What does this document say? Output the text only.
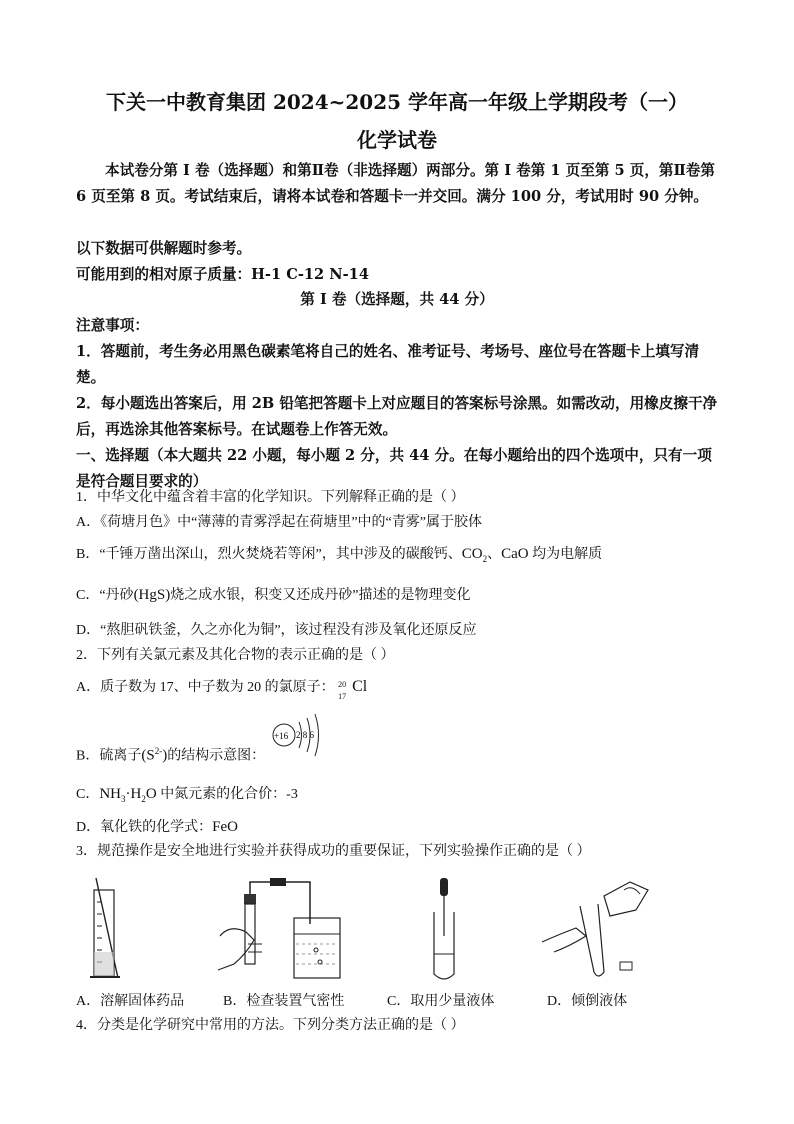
下关一中教育集团 2024~2025 学年高一年级上学期段考（一）
化学试卷
本试卷分第 I 卷（选择题）和第Ⅱ卷（非选择题）两部分。第 I 卷第 1 页至第 5 页，第Ⅱ卷第 6 页至第 8 页。考试结束后，请将本试卷和答题卡一并交回。满分 100 分，考试用时 90 分钟。
以下数据可供解题时参考。
可能用到的相对原子质量：H-1 C-12 N-14
第 I 卷（选择题，共 44 分）
注意事项：
1．答题前，考生务必用黑色碳素笔将自己的姓名、准考证号、考场号、座位号在答题卡上填写清楚。
2．每小题选出答案后，用 2B 铅笔把答题卡上对应题目的答案标号涂黑。如需改动，用橡皮擦干净后，再选涂其他答案标号。在试题卷上作答无效。
一、选择题（本大题共 22 小题，每小题 2 分，共 44 分。在每小题给出的四个选项中，只有一项是符合题目要求的）
1．中华文化中蕴含着丰富的化学知识。下列解释正确的是（ ）
A．《荷塘月色》中“薄薄的青雾浮起在荷塘里”中的“青雾”属于胶体
B．“千锤万凿出深山，烈火焚烧若等闲”，其中涉及的碳酸钙、$CO_2$、CaO 均为电解质
C．“丹砂(HgS)烧之成水银，积变又还成丹砂”描述的是物理变化
D．“熬胆矾铁釜，久之亦化为铜”，该过程没有涉及氧化还原反应
2．下列有关氯元素及其化合物的表示正确的是（ ）
A．质子数为 17、中子数为 20 的氯原子： 20
17
Cl
B．硫离子$(S^{2-})$的结构示意图：
+16 2 8 6
C．$NH_3\cdot H_2O$ 中氮元素的化合价：-3
D．氧化铁的化学式：FeO
3．规范操作是安全地进行实验并获得成功的重要保证，下列实验操作正确的是（ ）
A．溶解固体药品	B．检查装置气密性	C．取用少量液体	D．倾倒液体
4．分类是化学研究中常用的方法。下列分类方法正确的是（ ）
